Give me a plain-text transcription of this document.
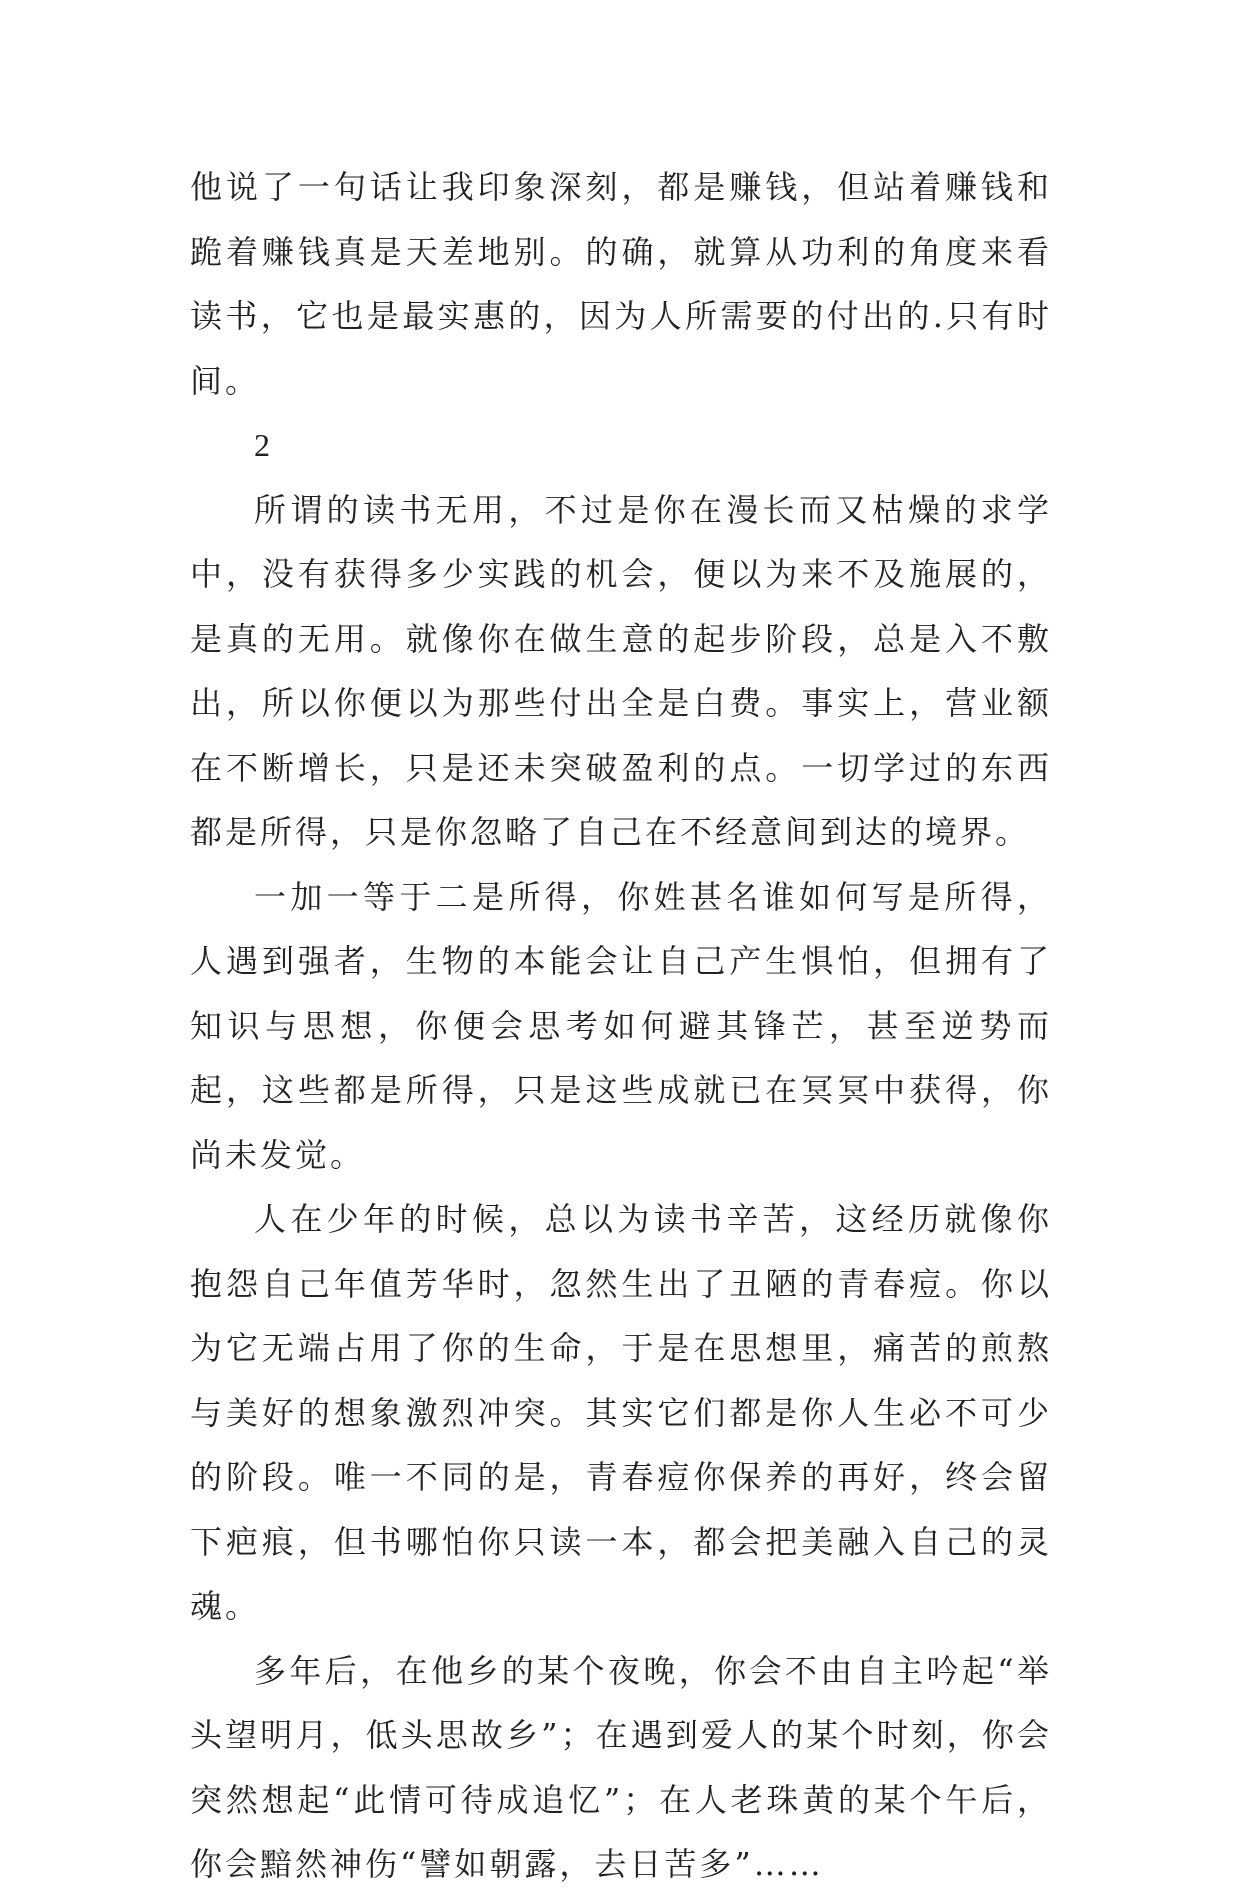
他说了一句话让我印象深刻，都是赚钱，但站着赚钱和跪着赚钱真是天差地别。的确，就算从功利的角度来看读书，它也是最实惠的，因为人所需要的付出的.只有时间。

2

所谓的读书无用，不过是你在漫长而又枯燥的求学中，没有获得多少实践的机会，便以为来不及施展的，是真的无用。就像你在做生意的起步阶段，总是入不敷出，所以你便以为那些付出全是白费。事实上，营业额在不断增长，只是还未突破盈利的点。一切学过的东西都是所得，只是你忽略了自己在不经意间到达的境界。

一加一等于二是所得，你姓甚名谁如何写是所得，人遇到强者，生物的本能会让自己产生惧怕，但拥有了知识与思想，你便会思考如何避其锋芒，甚至逆势而起，这些都是所得，只是这些成就已在冥冥中获得，你尚未发觉。

人在少年的时候，总以为读书辛苦，这经历就像你抱怨自己年值芳华时，忽然生出了丑陋的青春痘。你以为它无端占用了你的生命，于是在思想里，痛苦的煎熬与美好的想象激烈冲突。其实它们都是你人生必不可少的阶段。唯一不同的是，青春痘你保养的再好，终会留下疤痕，但书哪怕你只读一本，都会把美融入自己的灵魂。

多年后，在他乡的某个夜晚，你会不由自主吟起“举头望明月，低头思故乡”；在遇到爱人的某个时刻，你会突然想起“此情可待成追忆”；在人老珠黄的某个午后，你会黯然神伤“譬如朝露，去日苦多”……
